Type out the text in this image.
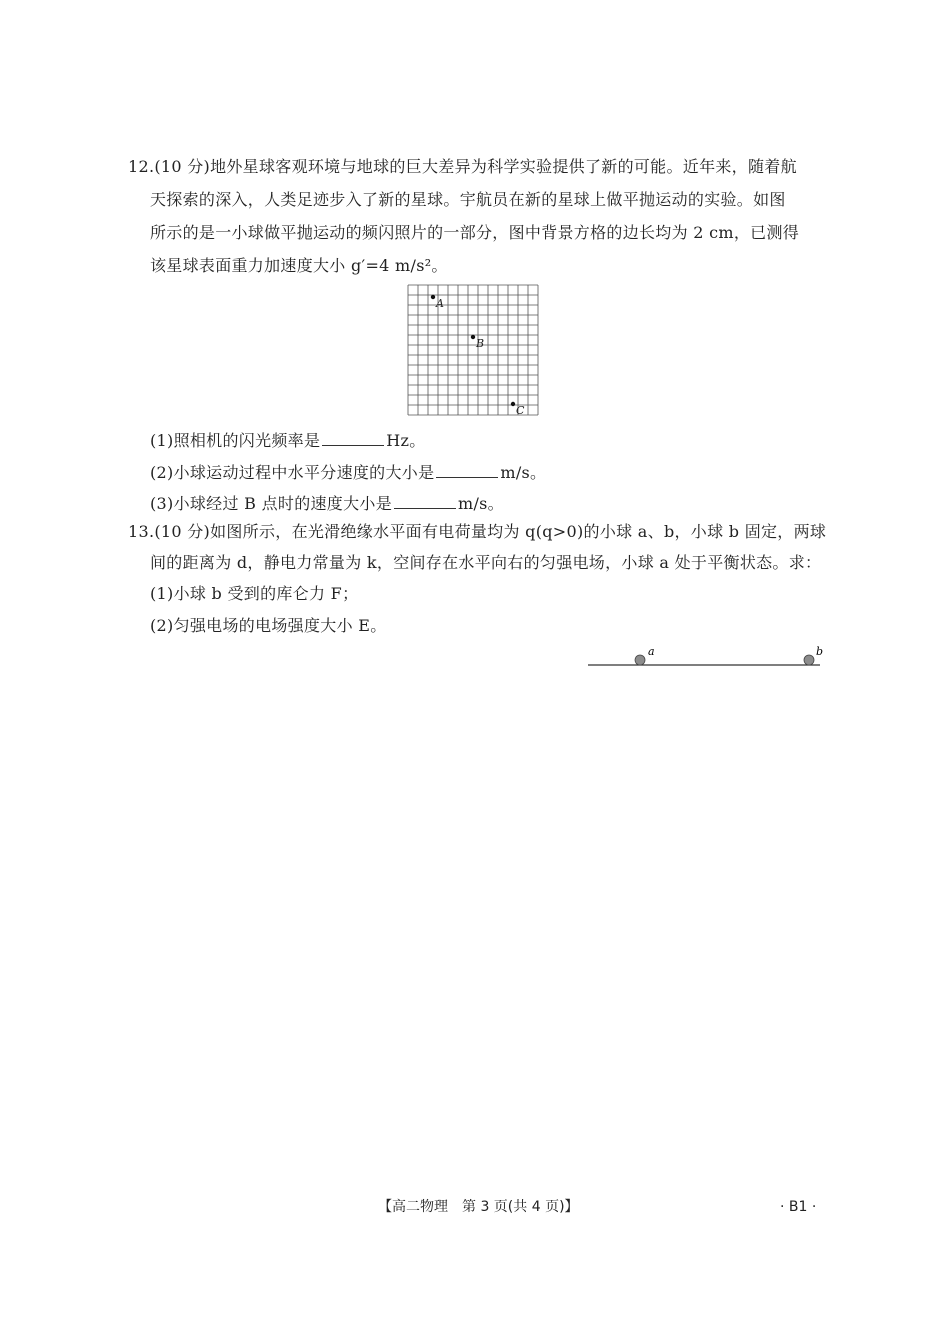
12.(10 分)地外星球客观环境与地球的巨大差异为科学实验提供了新的可能。近年来，随着航
天探索的深入，人类足迹步入了新的星球。宇航员在新的星球上做平抛运动的实验。如图
所示的是一小球做平抛运动的频闪照片的一部分，图中背景方格的边长均为 2 cm，已测得
该星球表面重力加速度大小 g′=4 m/s²。
A
B
C
(1)照相机的闪光频率是	Hz。
(2)小球运动过程中水平分速度的大小是	m/s。
(3)小球经过 B 点时的速度大小是	m/s。
13.(10 分)如图所示，在光滑绝缘水平面有电荷量均为 q(q>0)的小球 a、b，小球 b 固定，两球
间的距离为 d，静电力常量为 k，空间存在水平向右的匀强电场，小球 a 处于平衡状态。求：
(1)小球 b 受到的库仑力 F；
(2)匀强电场的电场强度大小 E。
a	b
【高二物理　第 3 页(共 4 页)】	· B1 ·
